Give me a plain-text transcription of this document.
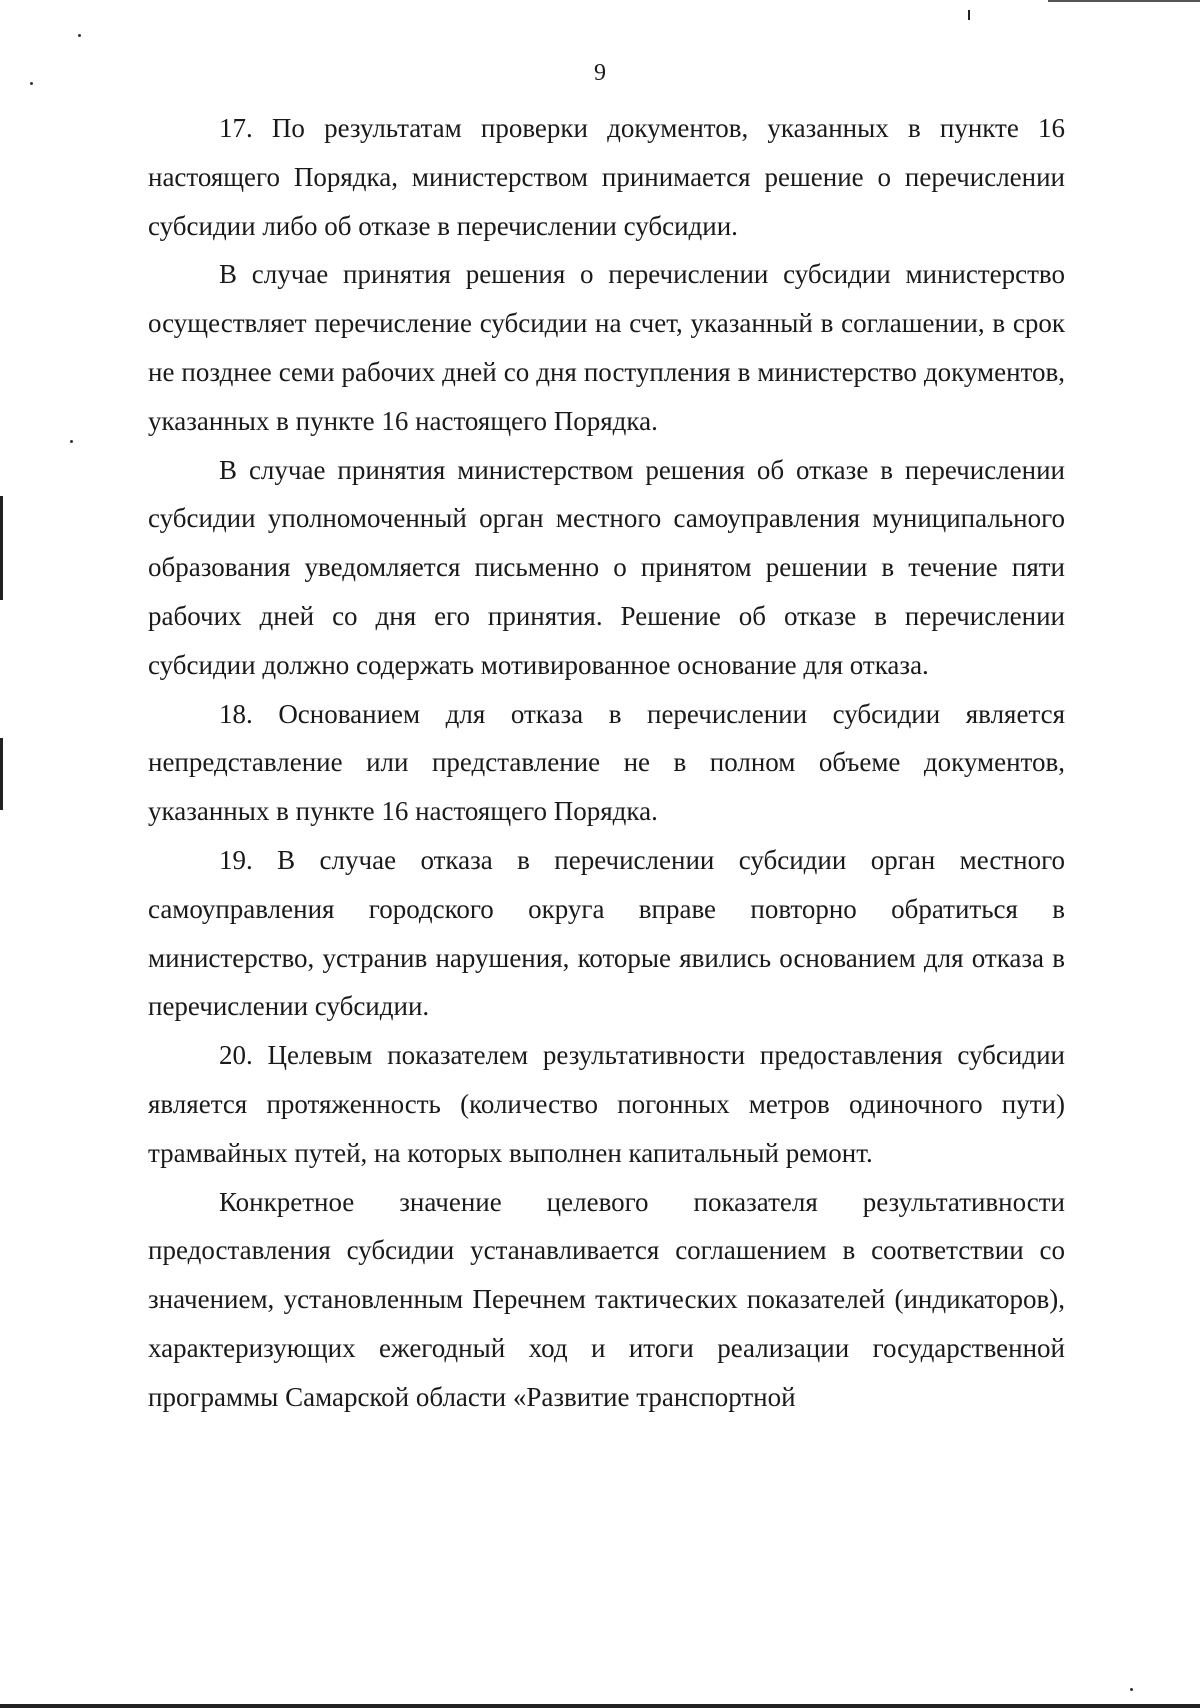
9

17. По результатам проверки документов, указанных в пункте 16 настоящего Порядка, министерством принимается решение о перечислении субсидии либо об отказе в перечислении субсидии.

В случае принятия решения о перечислении субсидии министерство осуществляет перечисление субсидии на счет, указанный в соглашении, в срок не позднее семи рабочих дней со дня поступления в министерство документов, указанных в пункте 16 настоящего Порядка.

В случае принятия министерством решения об отказе в перечислении субсидии уполномоченный орган местного самоуправления муниципального образования уведомляется письменно о принятом решении в течение пяти рабочих дней со дня его принятия. Решение об отказе в перечислении субсидии должно содержать мотивированное основание для отказа.

18. Основанием для отказа в перечислении субсидии является непредставление или представление не в полном объеме документов, указанных в пункте 16 настоящего Порядка.

19. В случае отказа в перечислении субсидии орган местного самоуправления городского округа вправе повторно обратиться в министерство, устранив нарушения, которые явились основанием для отказа в перечислении субсидии.

20. Целевым показателем результативности предоставления субсидии является протяженность (количество погонных метров одиночного пути) трамвайных путей, на которых выполнен капитальный ремонт.

Конкретное значение целевого показателя результативности предоставления субсидии устанавливается соглашением в соответствии со значением, установленным Перечнем тактических показателей (индикаторов), характеризующих ежегодный ход и итоги реализации государственной программы Самарской области «Развитие транспортной
